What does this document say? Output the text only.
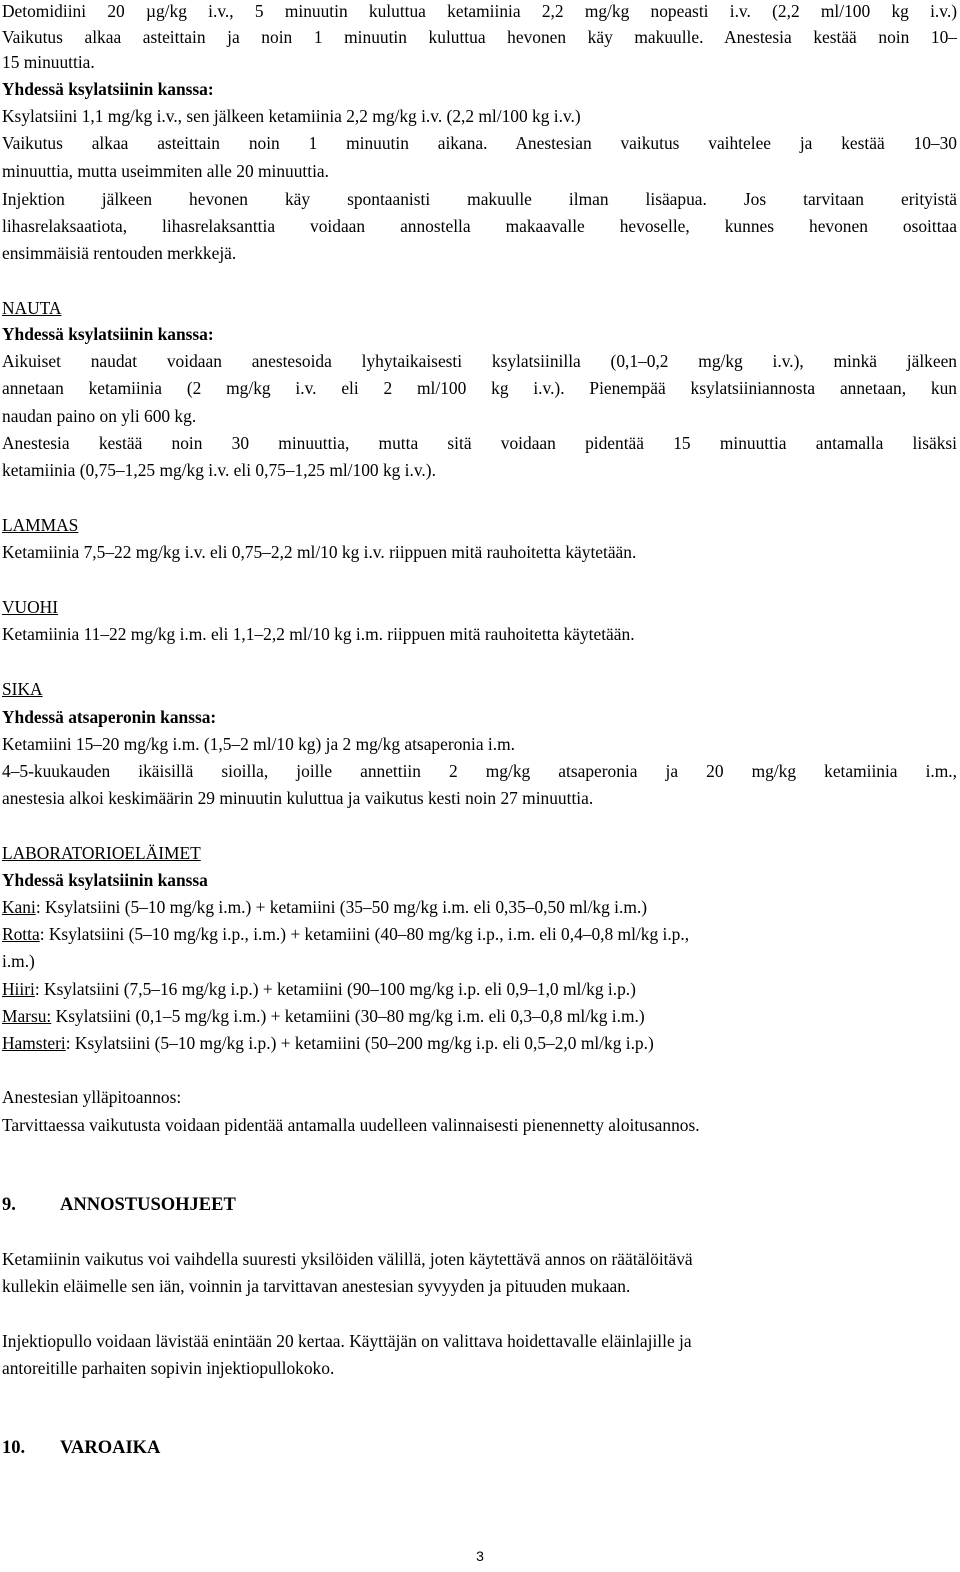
Detomidiini 20 µg/kg i.v., 5 minuutin kuluttua ketamiinia 2,2 mg/kg nopeasti i.v. (2,2 ml/100 kg i.v.)
Vaikutus alkaa asteittain ja noin 1 minuutin kuluttua hevonen käy makuulle. Anestesia kestää noin 10–
15 minuuttia.
Yhdessä ksylatsiinin kanssa:
Ksylatsiini 1,1 mg/kg i.v., sen jälkeen ketamiinia 2,2 mg/kg i.v. (2,2 ml/100 kg i.v.)
Vaikutus alkaa asteittain noin 1 minuutin aikana. Anestesian vaikutus vaihtelee ja kestää 10–30
minuuttia, mutta useimmiten alle 20 minuuttia.
Injektion jälkeen hevonen käy spontaanisti makuulle ilman lisäapua. Jos tarvitaan erityistä
lihasrelaksaatiota, lihasrelaksanttia voidaan annostella makaavalle hevoselle, kunnes hevonen osoittaa
ensimmäisiä rentouden merkkejä.
NAUTA
Yhdessä ksylatsiinin kanssa:
Aikuiset naudat voidaan anestesoida lyhytaikaisesti ksylatsiinilla (0,1–0,2 mg/kg i.v.), minkä jälkeen
annetaan ketamiinia (2 mg/kg i.v. eli 2 ml/100 kg i.v.). Pienempää ksylatsiiniannosta annetaan, kun
naudan paino on yli 600 kg.
Anestesia kestää noin 30 minuuttia, mutta sitä voidaan pidentää 15 minuuttia antamalla lisäksi
ketamiinia (0,75–1,25 mg/kg i.v. eli 0,75–1,25 ml/100 kg i.v.).
LAMMAS
Ketamiinia 7,5–22 mg/kg i.v. eli 0,75–2,2 ml/10 kg i.v. riippuen mitä rauhoitetta käytetään.
VUOHI
Ketamiinia 11–22 mg/kg i.m. eli 1,1–2,2 ml/10 kg i.m. riippuen mitä rauhoitetta käytetään.
SIKA
Yhdessä atsaperonin kanssa:
Ketamiini 15–20 mg/kg i.m. (1,5–2 ml/10 kg) ja 2 mg/kg atsaperonia i.m.
4–5-kuukauden ikäisillä sioilla, joille annettiin 2 mg/kg atsaperonia ja 20 mg/kg ketamiinia i.m.,
anestesia alkoi keskimäärin 29 minuutin kuluttua ja vaikutus kesti noin 27 minuuttia.
LABORATORIOELÄIMET
Yhdessä ksylatsiinin kanssa
Kani: Ksylatsiini (5–10 mg/kg i.m.) + ketamiini (35–50 mg/kg i.m. eli 0,35–0,50 ml/kg i.m.)
Rotta: Ksylatsiini (5–10 mg/kg i.p., i.m.) + ketamiini (40–80 mg/kg i.p., i.m. eli 0,4–0,8 ml/kg i.p.,
i.m.)
Hiiri: Ksylatsiini (7,5–16 mg/kg i.p.) + ketamiini (90–100 mg/kg i.p. eli 0,9–1,0 ml/kg i.p.)
Marsu: Ksylatsiini (0,1–5 mg/kg i.m.) + ketamiini (30–80 mg/kg i.m. eli 0,3–0,8 ml/kg i.m.)
Hamsteri: Ksylatsiini (5–10 mg/kg i.p.) + ketamiini (50–200 mg/kg i.p. eli 0,5–2,0 ml/kg i.p.)
Anestesian ylläpitoannos:
Tarvittaessa vaikutusta voidaan pidentää antamalla uudelleen valinnaisesti pienennetty aloitusannos.
9. ANNOSTUSOHJEET
Ketamiinin vaikutus voi vaihdella suuresti yksilöiden välillä, joten käytettävä annos on räätälöitävä
kullekin eläimelle sen iän, voinnin ja tarvittavan anestesian syvyyden ja pituuden mukaan.
Injektiopullo voidaan lävistää enintään 20 kertaa. Käyttäjän on valittava hoidettavalle eläinlajille ja
antoreitille parhaiten sopivin injektiopullokoko.
10. VAROAIKA
3
